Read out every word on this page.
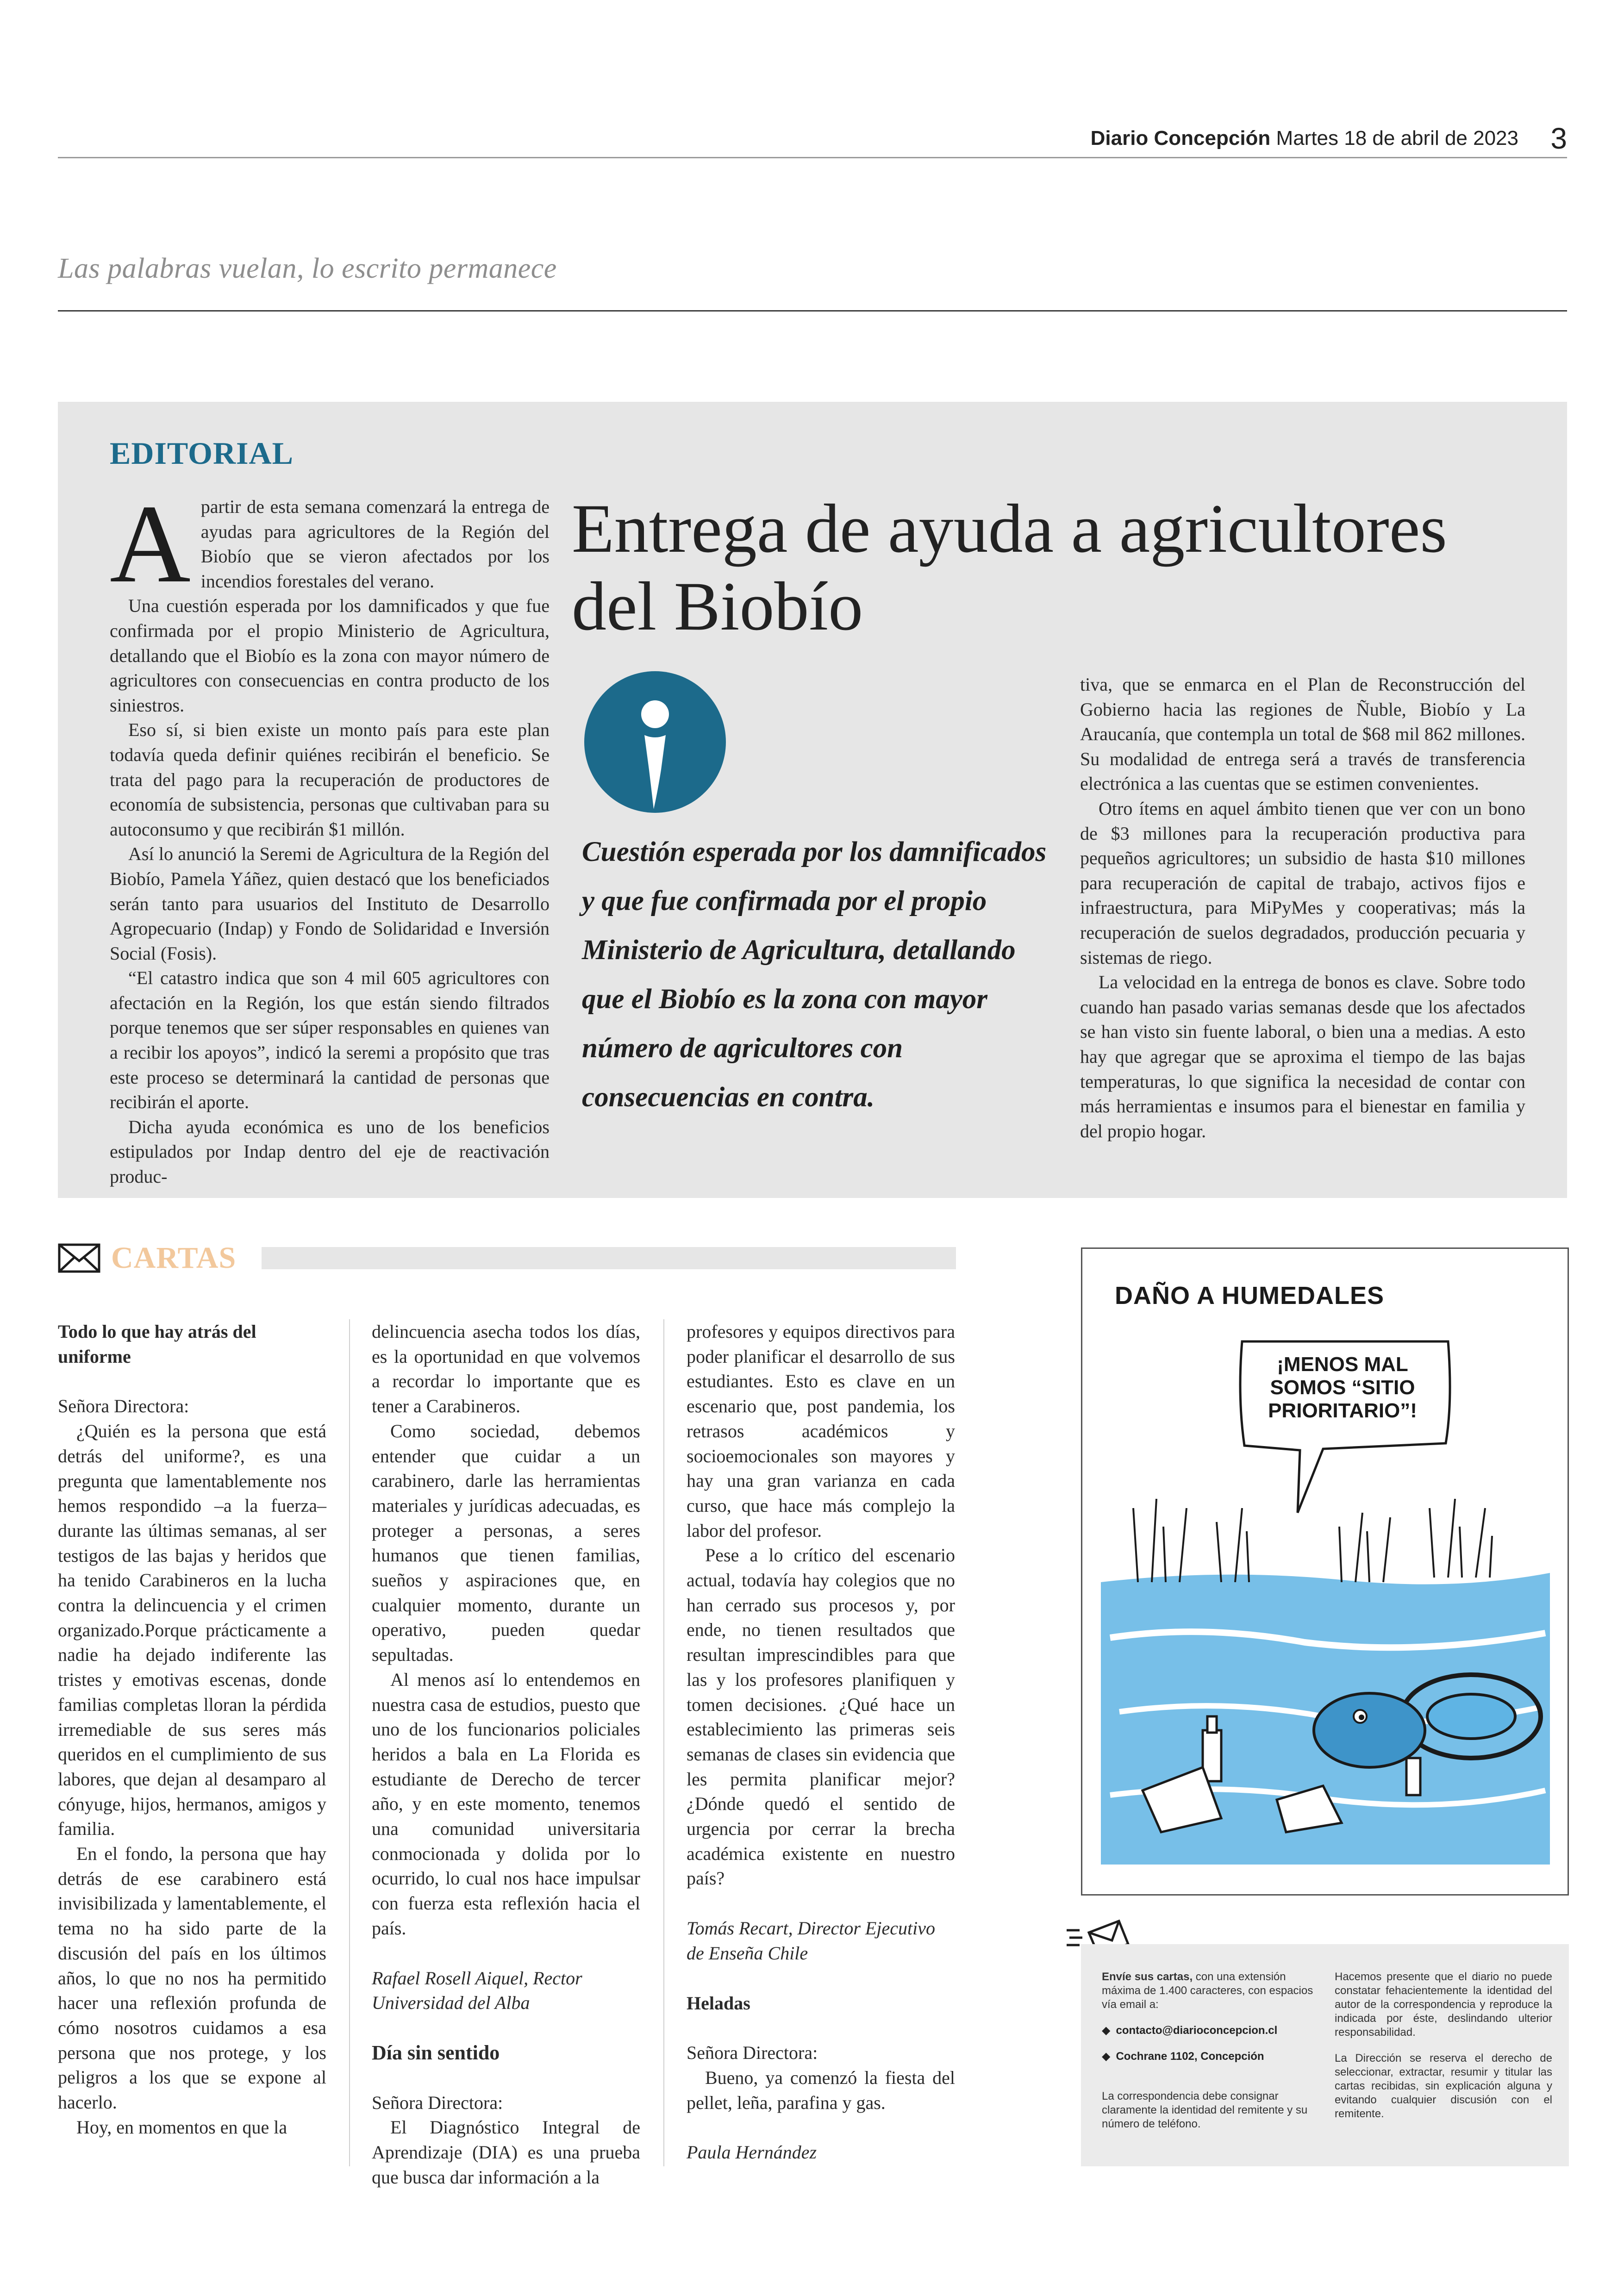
Diario Concepción Martes 18 de abril de 2023 3
Las palabras vuelan, lo escrito permanece
EDITORIAL

Apartir de esta semana comenzará la entrega de ayudas para agricultores de la Región del Biobío que se vieron afectados por los incendios forestales del verano.

Una cuestión esperada por los damnificados y que fue confirmada por el propio Ministerio de Agricultura, detallando que el Biobío es la zona con mayor número de agricultores con consecuencias en contra producto de los siniestros.

Eso sí, si bien existe un monto país para este plan todavía queda definir quiénes recibirán el beneficio. Se trata del pago para la recuperación de productores de economía de subsistencia, personas que cultivaban para su autoconsumo y que recibirán $1 millón.

Así lo anunció la Seremi de Agricultura de la Región del Biobío, Pamela Yáñez, quien destacó que los beneficiados serán tanto para usuarios del Instituto de Desarrollo Agropecuario (Indap) y Fondo de Solidaridad e Inversión Social (Fosis).

“El catastro indica que son 4 mil 605 agricultores con afectación en la Región, los que están siendo filtrados porque tenemos que ser súper responsables en quienes van a recibir los apoyos”, indicó la seremi a propósito que tras este proceso se determinará la cantidad de personas que recibirán el aporte.

Dicha ayuda económica es uno de los beneficios estipulados por Indap dentro del eje de reactivación produc-

Entrega de ayuda a agricultores del Biobío
Cuestión esperada por los damnificados y que fue confirmada por el propio Ministerio de Agricultura, detallando que el Biobío es la zona con mayor número de agricultores con consecuencias en contra.

tiva, que se enmarca en el Plan de Reconstrucción del Gobierno hacia las regiones de Ñuble, Biobío y La Araucanía, que contempla un total de $68 mil 862 millones. Su modalidad de entrega será a través de transferencia electrónica a las cuentas que se estimen convenientes.

Otro ítems en aquel ámbito tienen que ver con un bono de $3 millones para la recuperación productiva para pequeños agricultores; un subsidio de hasta $10 millones para recuperación de capital de trabajo, activos fijos e infraestructura, para MiPyMes y cooperativas; más la recuperación de suelos degradados, producción pecuaria y sistemas de riego.

La velocidad en la entrega de bonos es clave. Sobre todo cuando han pasado varias semanas desde que los afectados se han visto sin fuente laboral, o bien una a medias. A esto hay que agregar que se aproxima el tiempo de las bajas temperaturas, lo que significa la necesidad de contar con más herramientas e insumos para el bienestar en familia y del propio hogar.

CARTAS

Todo lo que hay atrás del uniforme

Señora Directora:

¿Quién es la persona que está detrás del uniforme?, es una pregunta que lamentablemente nos hemos respondido –a la fuerza– durante las últimas semanas, al ser testigos de las bajas y heridos que ha tenido Carabineros en la lucha contra la delincuencia y el crimen organizado.Porque prácticamente a nadie ha dejado indiferente las tristes y emotivas escenas, donde familias completas lloran la pérdida irremediable de sus seres más queridos en el cumplimiento de sus labores, que dejan al desamparo al cónyuge, hijos, hermanos, amigos y familia.

En el fondo, la persona que hay detrás de ese carabinero está invisibilizada y lamentablemente, el tema no ha sido parte de la discusión del país en los últimos años, lo que no nos ha permitido hacer una reflexión profunda de cómo nosotros cuidamos a esa persona que nos protege, y los peligros a los que se expone al hacerlo.

Hoy, en momentos en que la

delincuencia asecha todos los días, es la oportunidad en que volvemos a recordar lo importante que es tener a Carabineros.

Como sociedad, debemos entender que cuidar a un carabinero, darle las herramientas materiales y jurídicas adecuadas, es proteger a personas, a seres humanos que tienen familias, sueños y aspiraciones que, en cualquier momento, durante un operativo, pueden quedar sepultadas.

Al menos así lo entendemos en nuestra casa de estudios, puesto que uno de los funcionarios policiales heridos a bala en La Florida es estudiante de Derecho de tercer año, y en este momento, tenemos una comunidad universitaria conmocionada y dolida por lo ocurrido, lo cual nos hace impulsar con fuerza esta reflexión hacia el país.

Rafael Rosell Aiquel, Rector Universidad del Alba

Día sin sentido

Señora Directora:

El Diagnóstico Integral de Aprendizaje (DIA) es una prueba que busca dar información a la

profesores y equipos directivos para poder planificar el desarrollo de sus estudiantes. Esto es clave en un escenario que, post pandemia, los retrasos académicos y socioemocionales son mayores y hay una gran varianza en cada curso, que hace más complejo la labor del profesor.

Pese a lo crítico del escenario actual, todavía hay colegios que no han cerrado sus procesos y, por ende, no tienen resultados que resultan imprescindibles para que las y los profesores planifiquen y tomen decisiones. ¿Qué hace un establecimiento las primeras seis semanas de clases sin evidencia que les permita planificar mejor? ¿Dónde quedó el sentido de urgencia por cerrar la brecha académica existente en nuestro país?

Tomás Recart, Director Ejecutivo de Enseña Chile

Heladas

Señora Directora:

Bueno, ya comenzó la fiesta del pellet, leña, parafina y gas.

Paula Hernández

DAÑO A HUMEDALES
¡MENOS MAL SOMOS “SITIO PRIORITARIO”!
Envíe sus cartas, con una extensión máxima de 1.400 caracteres, con espacios vía email a:
◆ contacto@diarioconcepcion.cl
◆ Cochrane 1102, Concepción
La correspondencia debe consignar claramente la identidad del remitente y su número de teléfono.
Hacemos presente que el diario no puede constatar fehacientemente la identidad del autor de la correspondencia y reproduce la indicada por éste, deslindando ulterior responsabilidad.
La Dirección se reserva el derecho de seleccionar, extractar, resumir y titular las cartas recibidas, sin explicación alguna y evitando cualquier discusión con el remitente.
